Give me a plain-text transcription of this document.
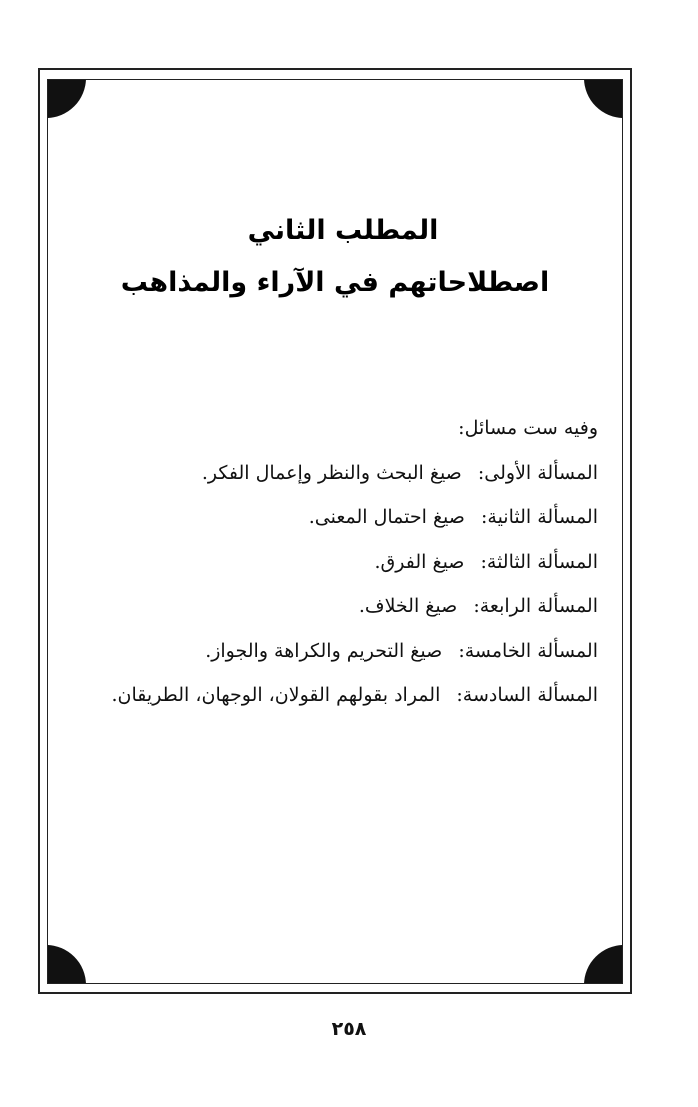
المطلب الثاني
اصطلاحاتهم في الآراء والمذاهب
وفيه ست مسائل:
المسألة الأولى: صيغ البحث والنظر وإعمال الفكر.
المسألة الثانية: صيغ احتمال المعنى.
المسألة الثالثة: صيغ الفرق.
المسألة الرابعة: صيغ الخلاف.
المسألة الخامسة: صيغ التحريم والكراهة والجواز.
المسألة السادسة: المراد بقولهم القولان، الوجهان، الطريقان.
٢٥٨
